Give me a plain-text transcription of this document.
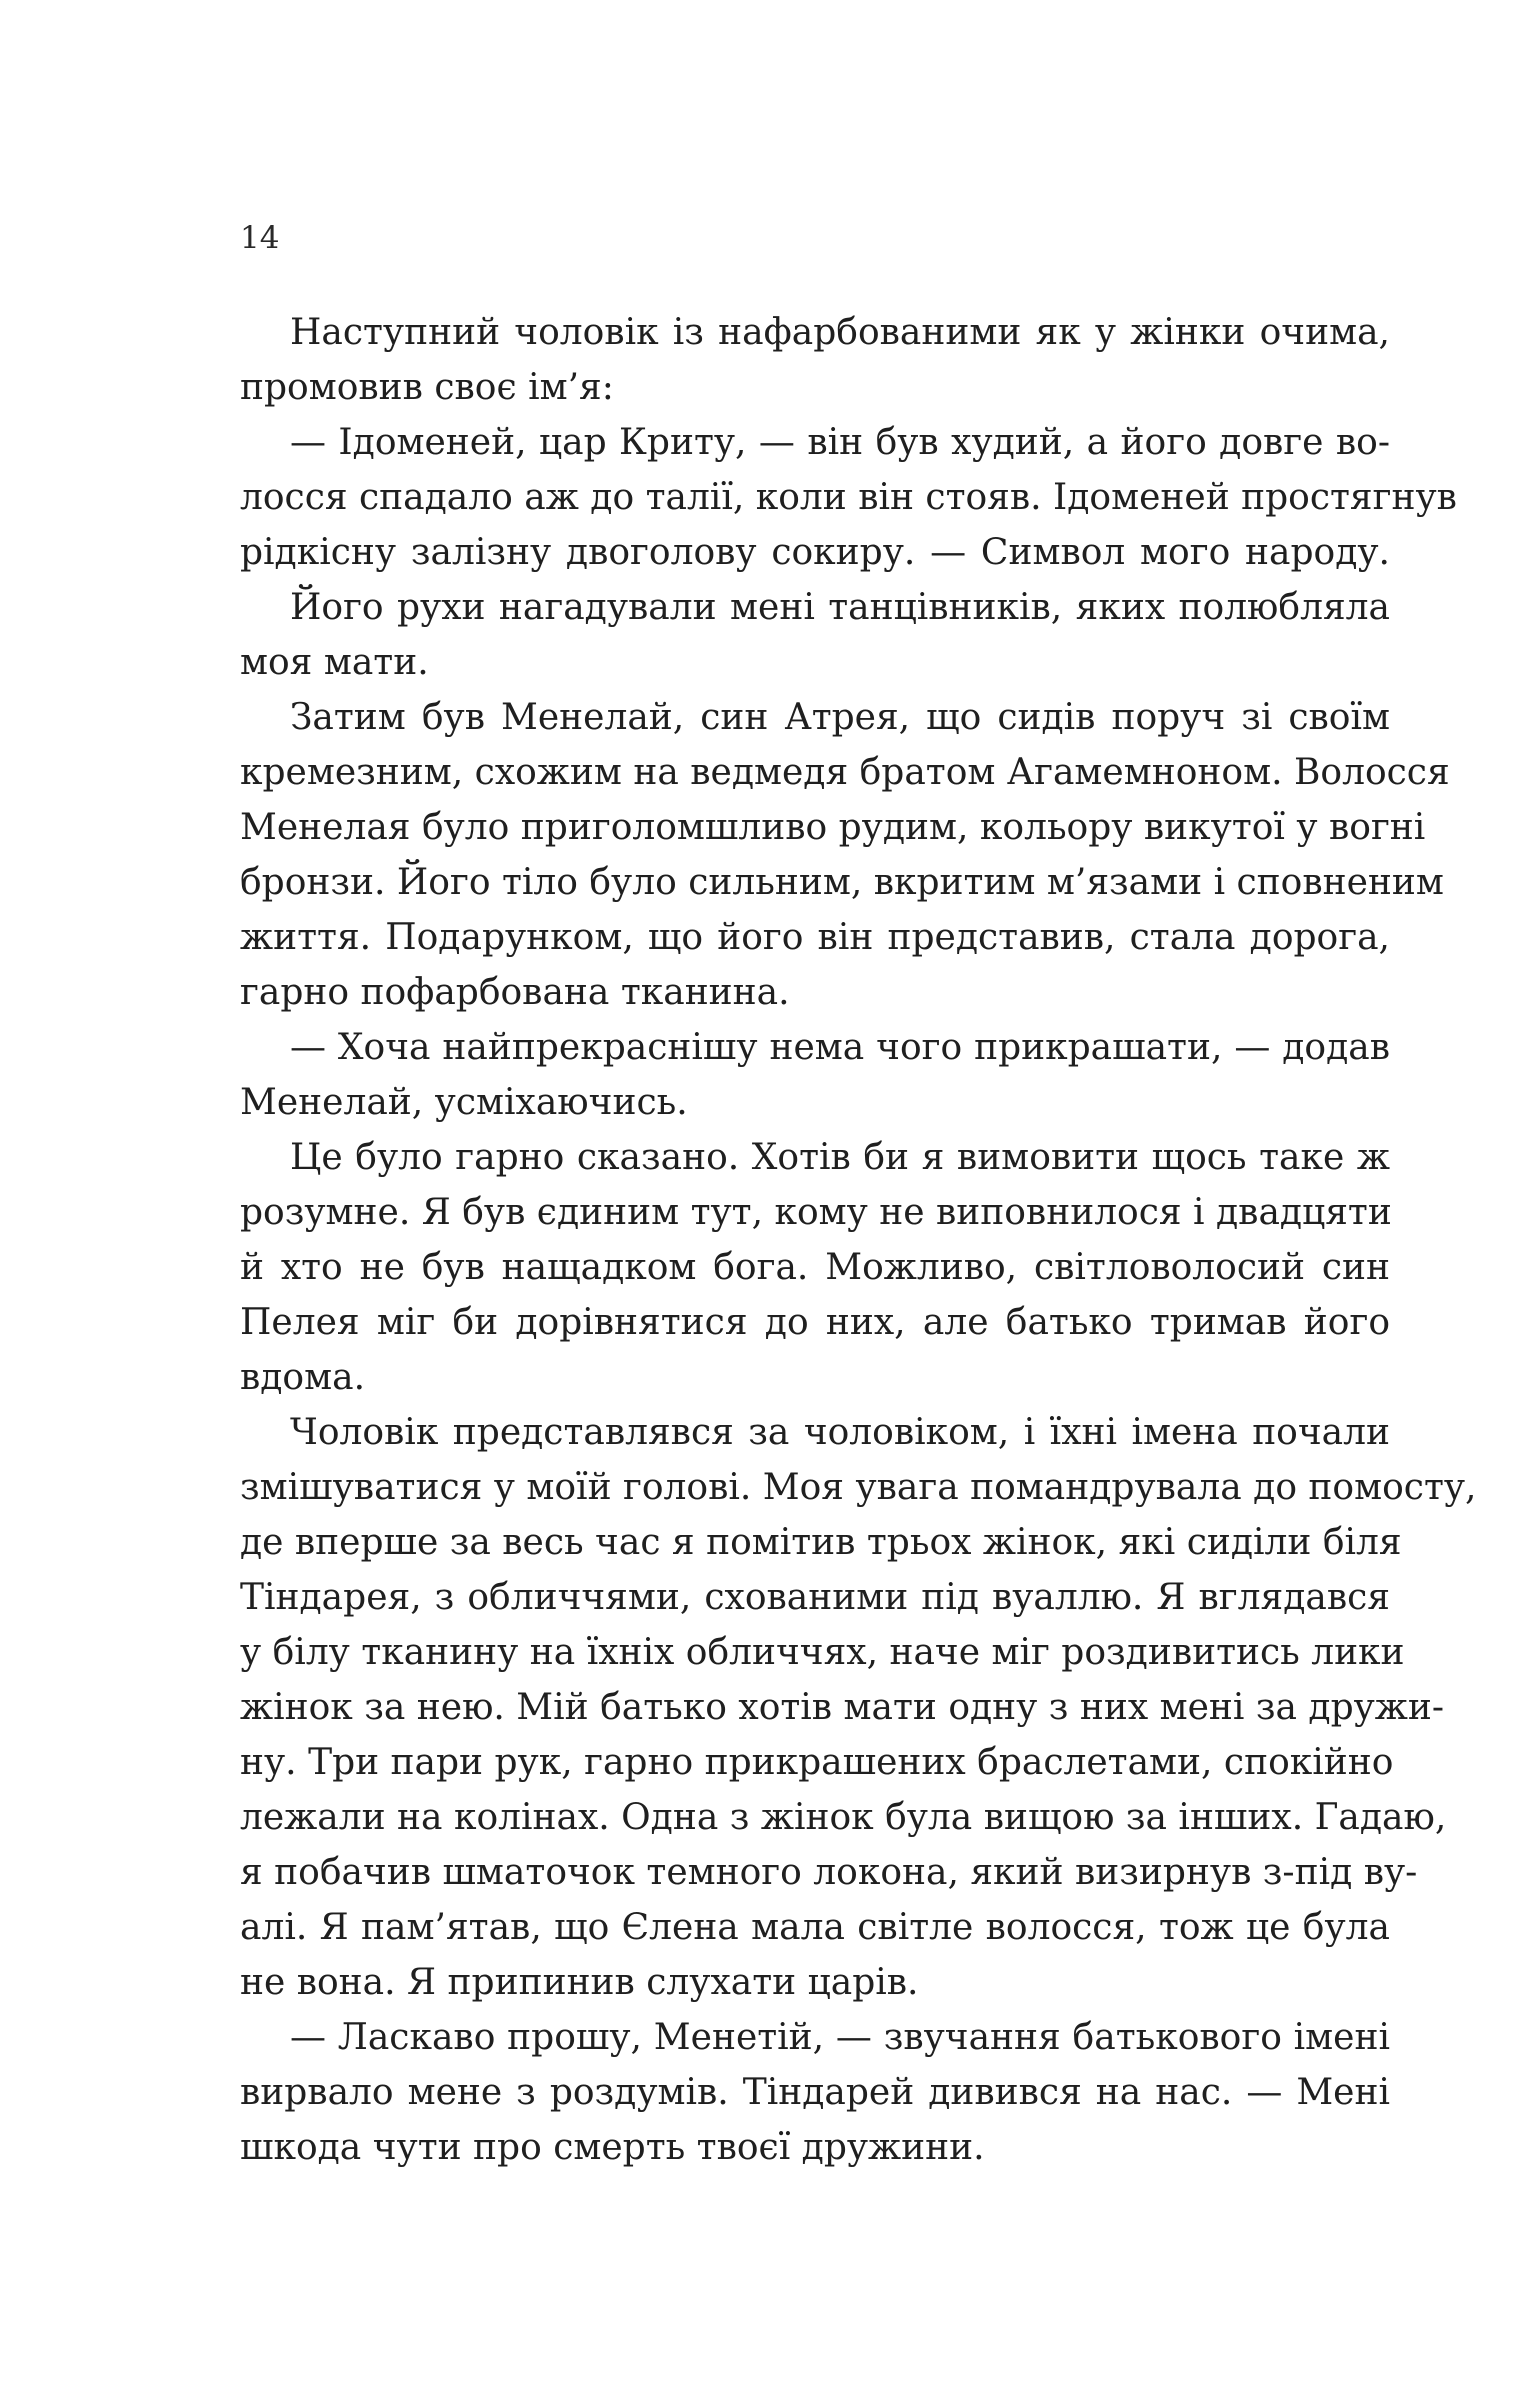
14
Наступний чоловік із нафарбованими як у жінки очима,
промовив своє ім’я:
— Ідоменей, цар Криту, — він був худий, а його довге во-
лосся спадало аж до талії, коли він стояв. Ідоменей простягнув
рідкісну залізну двоголову сокиру. — Символ мого народу.
Його рухи нагадували мені танцівників, яких полюбляла
моя мати.
Затим був Менелай, син Атрея, що сидів поруч зі своїм
кремезним, схожим на ведмедя братом Агамемноном. Волосся
Менелая було приголомшливо рудим, кольору викутої у вогні
бронзи. Його тіло було сильним, вкритим м’язами і сповненим
життя. Подарунком, що його він представив, стала дорога,
гарно пофарбована тканина.
— Хоча найпрекраснішу нема чого прикрашати, — додав
Менелай, усміхаючись.
Це було гарно сказано. Хотів би я вимовити щось таке ж
розумне. Я був єдиним тут, кому не виповнилося і двадцяти
й хто не був нащадком бога. Можливо, світловолосий син
Пелея міг би дорівнятися до них, але батько тримав його
вдома.
Чоловік представлявся за чоловіком, і їхні імена почали
змішуватися у моїй голові. Моя увага помандрувала до помосту,
де вперше за весь час я помітив трьох жінок, які сиділи біля
Тіндарея, з обличчями, схованими під вуаллю. Я вглядався
у білу тканину на їхніх обличчях, наче міг роздивитись лики
жінок за нею. Мій батько хотів мати одну з них мені за дружи-
ну. Три пари рук, гарно прикрашених браслетами, спокійно
лежали на колінах. Одна з жінок була вищою за інших. Гадаю,
я побачив шматочок темного локона, який визирнув з-під ву-
алі. Я пам’ятав, що Єлена мала світле волосся, тож це була
не вона. Я припинив слухати царів.
— Ласкаво прошу, Менетій, — звучання батькового імені
вирвало мене з роздумів. Тіндарей дивився на нас. — Мені
шкода чути про смерть твоєї дружини.
